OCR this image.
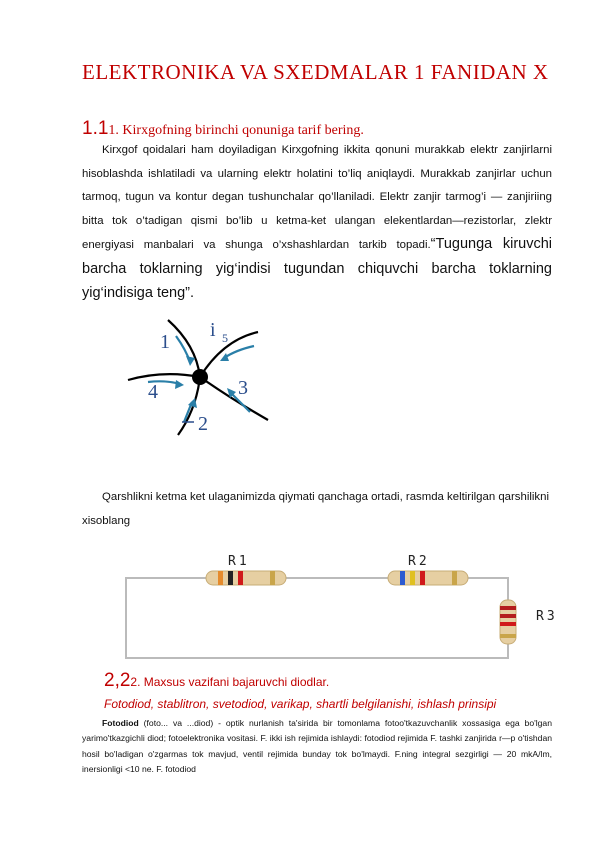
ELEKTRONIKA VA SXEDMALAR 1 FANIDAN X
1.11. Kirxgofning birinchi qonuniga tarif bering.
Kirxgof qoidalari ham doyiladigan Kirxgofning ikkita qonuni murakkab elektr zanjirlarni hisoblashda ishlatiladi va ularning elektr holatini to’liq aniqlaydi. Murakkab zanjirlar uchun tarmoq, tugun va kontur degan tushunchalar qo’llaniladi. Elektr zanjir tarmog’i — zanjiriing bitta tok o’tadigan qismi bo’lib u ketma-ket ulangan elekentlardan—rezistorlar, zlektr energiyasi manbalari va shunga o’xshashlardan tarkib topadi.“Tugunga kiruvchi barcha toklarning yig‘indisi tugundan chiquvchi barcha toklarning yig‘indisiga teng”.
1
i 5
4	3
2
Qarshlikni ketma ket ulaganimizda qiymati qanchaga ortadi, rasmda keltirilgan qarshilikni xisoblang
R1	R2
R3
2,22. Maxsus vazifani bajaruvchi diodlar.
Fotodiod, stablitron, svetodiod, varikap, shartli belgilanishi, ishlash prinsipi
Fotodiod (foto... va ...diod) - optik nurlanish ta'sirida bir tomonlama fotoo'tkazuvchanlik xossasiga ega bo'lgan yarimo'tkazgichli diod; fotoelektronika vositasi. F. ikki ish rejimida ishlaydi: fotodiod rejimida F. tashki zanjirida r—p o'tishdan hosil bo'ladigan o'zgarmas tok mavjud, ventil rejimida bunday tok bo'lmaydi. F.ning integral sezgirligi — 20 mkA/lm, inersionligi <10 ne. F. fotodiod
